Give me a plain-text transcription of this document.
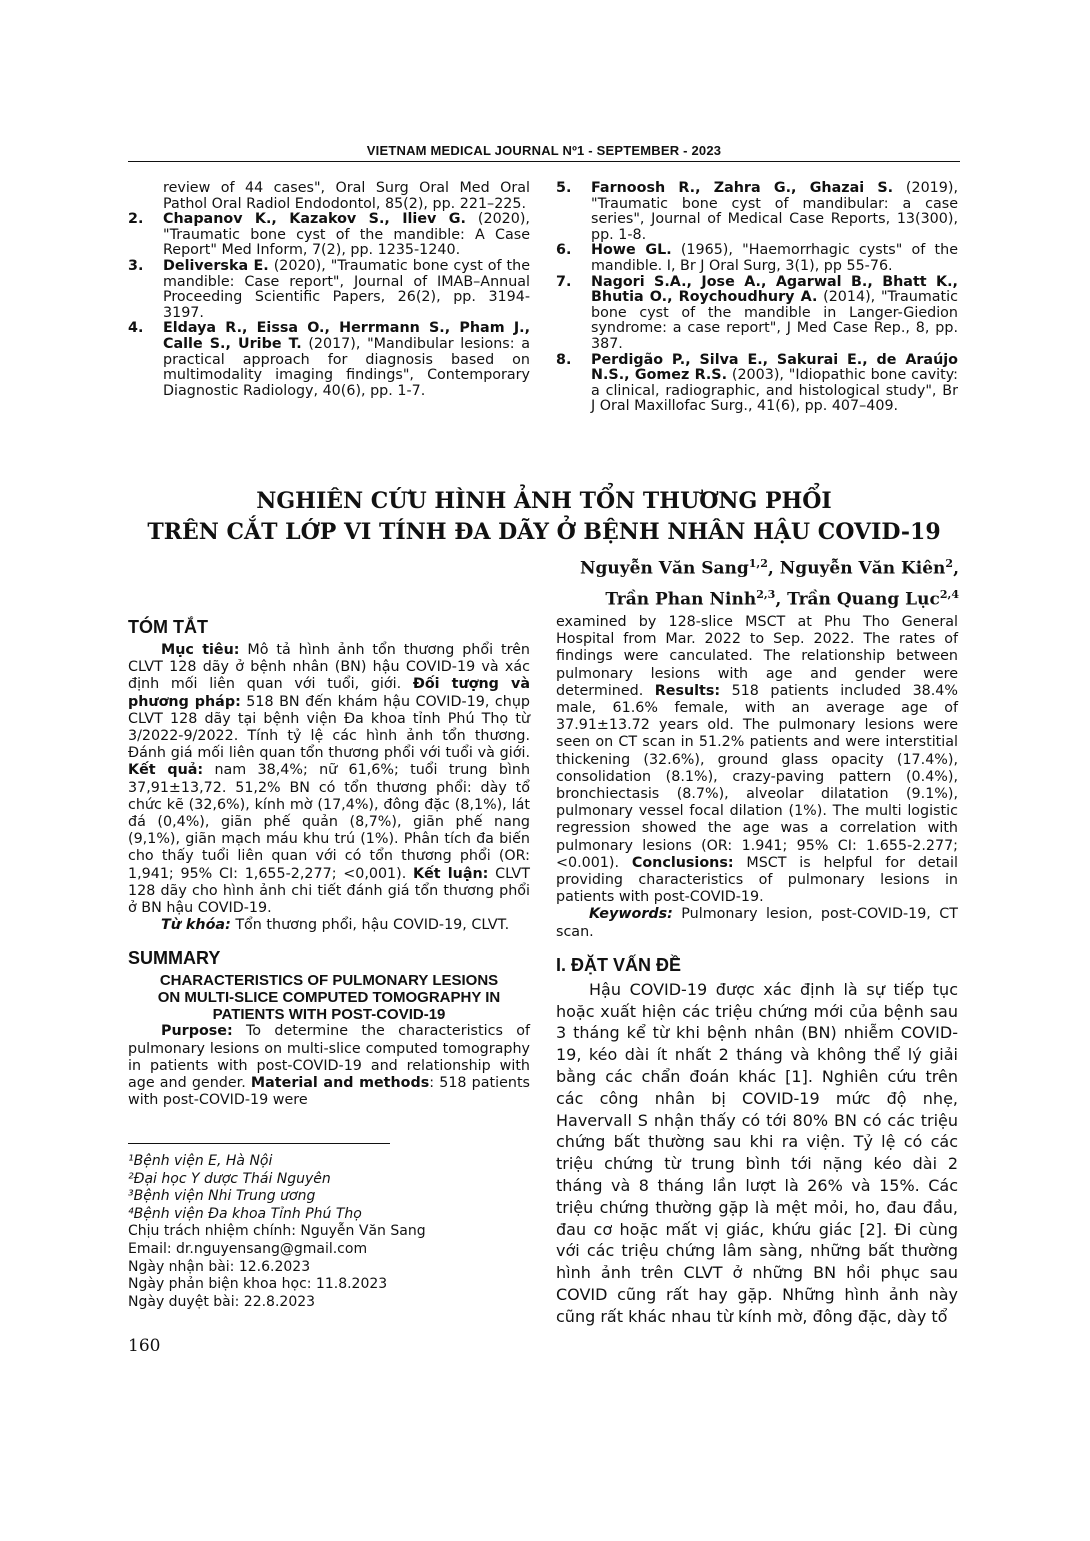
VIETNAM MEDICAL JOURNAL Nº1 - SEPTEMBER - 2023
review of 44 cases", Oral Surg Oral Med Oral Pathol Oral Radiol Endodontol, 85(2), pp. 221–225.
2. Chapanov K., Kazakov S., Iliev G. (2020), "Traumatic bone cyst of the mandible: A Case Report" Med Inform, 7(2), pp. 1235-1240.
3. Deliverska E. (2020), "Traumatic bone cyst of the mandible: Case report", Journal of IMAB–Annual Proceeding Scientific Papers, 26(2), pp. 3194-3197.
4. Eldaya R., Eissa O., Herrmann S., Pham J., Calle S., Uribe T. (2017), "Mandibular lesions: a practical approach for diagnosis based on multimodality imaging findings", Contemporary Diagnostic Radiology, 40(6), pp. 1-7.
5. Farnoosh R., Zahra G., Ghazai S. (2019), "Traumatic bone cyst of mandibular: a case series", Journal of Medical Case Reports, 13(300), pp. 1-8.
6. Howe GL. (1965), "Haemorrhagic cysts" of the mandible. I, Br J Oral Surg, 3(1), pp 55-76.
7. Nagori S.A., Jose A., Agarwal B., Bhatt K., Bhutia O., Roychoudhury A. (2014), "Traumatic bone cyst of the mandible in Langer-Giedion syndrome: a case report", J Med Case Rep., 8, pp. 387.
8. Perdigão P., Silva E., Sakurai E., de Araújo N.S., Gomez R.S. (2003), "Idiopathic bone cavity: a clinical, radiographic, and histological study", Br J Oral Maxillofac Surg., 41(6), pp. 407–409.
NGHIÊN CỨU HÌNH ẢNH TỔN THƯƠNG PHỔI
TRÊN CẮT LỚP VI TÍNH ĐA DÃY Ở BỆNH NHÂN HẬU COVID-19
Nguyễn Văn Sang$^{1,2}$, Nguyễn Văn Kiên$^2$,
Trần Phan Ninh$^{2,3}$, Trần Quang Lục$^{2,4}$
TÓM TẮT

Mục tiêu: Mô tả hình ảnh tổn thương phổi trên CLVT 128 dãy ở bệnh nhân (BN) hậu COVID-19 và xác định mối liên quan với tuổi, giới. Đối tượng và phương pháp: 518 BN đến khám hậu COVID-19, chụp CLVT 128 dãy tại bệnh viện Đa khoa tỉnh Phú Thọ từ 3/2022-9/2022. Tính tỷ lệ các hình ảnh tổn thương. Đánh giá mối liên quan tổn thương phổi với tuổi và giới. Kết quả: nam 38,4%; nữ 61,6%; tuổi trung bình 37,91±13,72. 51,2% BN có tổn thương phổi: dày tổ chức kẽ (32,6%), kính mờ (17,4%), đông đặc (8,1%), lát đá (0,4%), giãn phế quản (8,7%), giãn phế nang (9,1%), giãn mạch máu khu trú (1%). Phân tích đa biến cho thấy tuổi liên quan với có tổn thương phổi (OR: 1,941; 95% CI: 1,655-2,277; <0,001). Kết luận: CLVT 128 dãy cho hình ảnh chi tiết đánh giá tổn thương phổi ở BN hậu COVID-19.

Từ khóa: Tổn thương phổi, hậu COVID-19, CLVT.

SUMMARY
CHARACTERISTICS OF PULMONARY LESIONS
ON MULTI-SLICE COMPUTED TOMOGRAPHY IN
PATIENTS WITH POST-COVID-19

Purpose: To determine the characteristics of pulmonary lesions on multi-slice computed tomography in patients with post-COVID-19 and relationship with age and gender. Material and methods: 518 patients with post-COVID-19 were

¹Bệnh viện E, Hà Nội
²Đại học Y dược Thái Nguyên
³Bệnh viện Nhi Trung ương
⁴Bệnh viện Đa khoa Tỉnh Phú Thọ
Chịu trách nhiệm chính: Nguyễn Văn Sang
Email: dr.nguyensang@gmail.com
Ngày nhận bài: 12.6.2023
Ngày phản biện khoa học: 11.8.2023
Ngày duyệt bài: 22.8.2023
160

examined by 128-slice MSCT at Phu Tho General Hospital from Mar. 2022 to Sep. 2022. The rates of findings were canculated. The relationship between pulmonary lesions with age and gender were determined. Results: 518 patients included 38.4% male, 61.6% female, with an average age of 37.91±13.72 years old. The pulmonary lesions were seen on CT scan in 51.2% patients and were interstitial thickening (32.6%), ground glass opacity (17.4%), consolidation (8.1%), crazy-paving pattern (0.4%), bronchiectasis (8.7%), alveolar dilatation (9.1%), pulmonary vessel focal dilation (1%). The multi logistic regression showed the age was a correlation with pulmonary lesions (OR: 1.941; 95% CI: 1.655-2.277; <0.001). Conclusions: MSCT is helpful for detail providing characteristics of pulmonary lesions in patients with post-COVID-19.

Keywords: Pulmonary lesion, post-COVID-19, CT scan.

I. ĐẶT VẤN ĐỀ

Hậu COVID-19 được xác định là sự tiếp tục hoặc xuất hiện các triệu chứng mới của bệnh sau 3 tháng kể từ khi bệnh nhân (BN) nhiễm COVID-19, kéo dài ít nhất 2 tháng và không thể lý giải bằng các chẩn đoán khác [1]. Nghiên cứu trên các công nhân bị COVID-19 mức độ nhẹ, Havervall S nhận thấy có tới 80% BN có các triệu chứng bất thường sau khi ra viện. Tỷ lệ có các triệu chứng từ trung bình tới nặng kéo dài 2 tháng và 8 tháng lần lượt là 26% và 15%. Các triệu chứng thường gặp là mệt mỏi, ho, đau đầu, đau cơ hoặc mất vị giác, khứu giác [2]. Đi cùng với các triệu chứng lâm sàng, những bất thường hình ảnh trên CLVT ở những BN hồi phục sau COVID cũng rất hay gặp. Những hình ảnh này cũng rất khác nhau từ kính mờ, đông đặc, dày tổ
